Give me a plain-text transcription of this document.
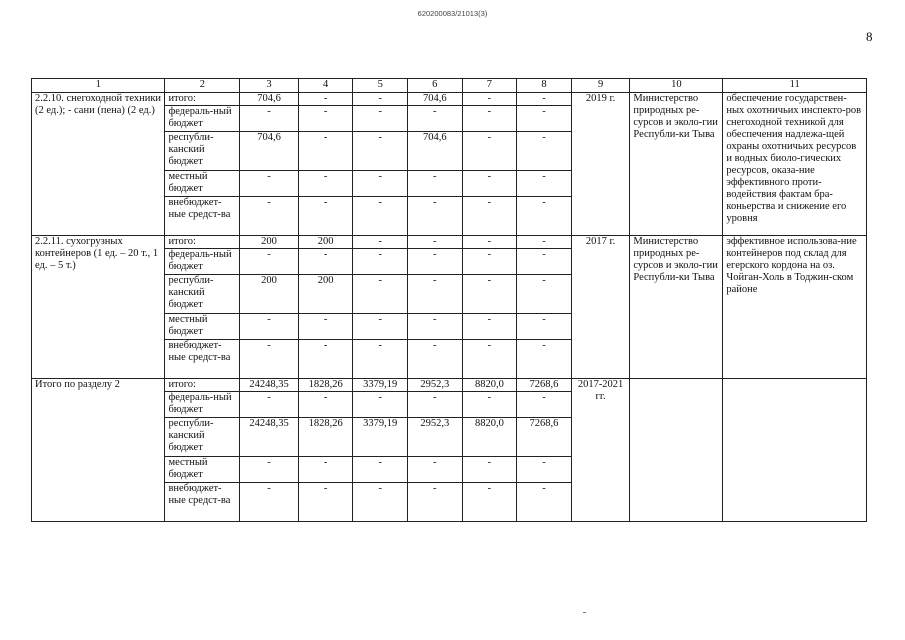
620200083/21013(3)
8
1	2	3	4	5	6	7	8	9	10	11
2.2.10. снегоходной техники (2 ед.); - сани (пена) (2 ед.)	итого:	704,6	-	-	704,6	-	-	2019 г.	Министерство природных ре-сурсов и эколо-гии Республи-ки Тыва	обеспечение государствен-ных охотничьих инспекто-ров снегоходной техникой для обеспечения надлежа-щей охраны охотничьих ресурсов и водных биоло-гических ресурсов, оказа-ние эффективного проти-водействия фактам бра-коньерства и снижение его уровня
	федераль-ный бюджет	-	-	-	-	-	-			
	республи-канский бюджет	704,6	-	-	704,6	-	-			
	местный бюджет	-	-	-	-	-	-			
	внебюджет-ные средст-ва	-	-	-	-	-	-			
2.2.11. сухогрузных контейнеров (1 ед. – 20 т., 1 ед. – 5 т.)	итого:	200	200	-	-	-	-	2017 г.	Министерство природных ре-сурсов и эколо-гии Республи-ки Тыва	эффективное использова-ние контейнеров под склад для егерского кордона на оз. Чойган-Холь в Тоджин-ском районе
	федераль-ный бюджет	-	-	-	-	-	-			
	республи-канский бюджет	200	200	-	-	-	-			
	местный бюджет	-	-	-	-	-	-			
	внебюджет-ные средст-ва	-	-	-	-	-	-			
Итого по разделу 2	итого:	24248,35	1828,26	3379,19	2952,3	8820,0	7268,6	2017-2021 гг.		
	федераль-ный бюджет	-	-	-	-	-	-			
	республи-канский бюджет	24248,35	1828,26	3379,19	2952,3	8820,0	7268,6			
	местный бюджет	-	-	-	-	-	-			
	внебюджет-ные средст-ва	-	-	-	-	-	-			
